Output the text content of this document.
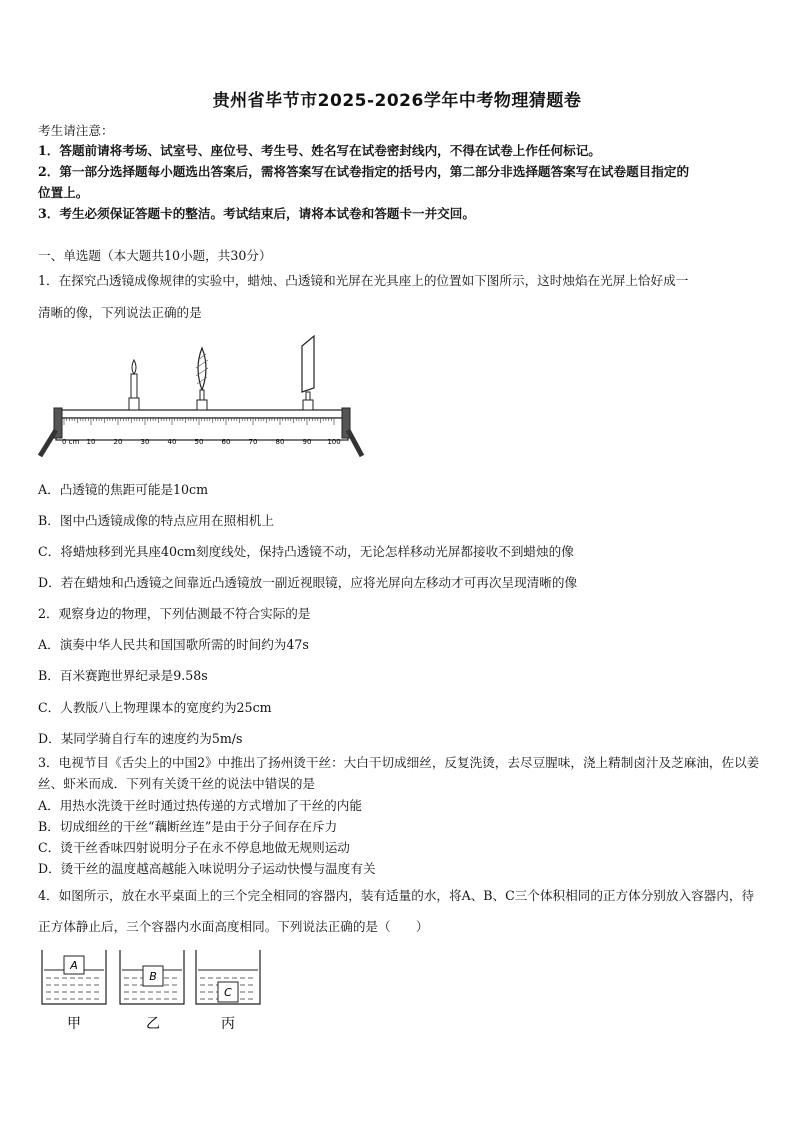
贵州省毕节市2025-2026学年中考物理猜题卷
考生请注意：
1．答题前请将考场、试室号、座位号、考生号、姓名写在试卷密封线内，不得在试卷上作任何标记。
2．第一部分选择题每小题选出答案后，需将答案写在试卷指定的括号内，第二部分非选择题答案写在试卷题目指定的
位置上。
3．考生必须保证答题卡的整洁。考试结束后，请将本试卷和答题卡一并交回。
一、单选题（本大题共10小题，共30分）
1．在探究凸透镜成像规律的实验中，蜡烛、凸透镜和光屏在光具座上的位置如下图所示，这时烛焰在光屏上恰好成一
清晰的像，下列说法正确的是
0 cm 10	20	30	40	50	60	70	80	90 100
A．凸透镜的焦距可能是10cm
B．图中凸透镜成像的特点应用在照相机上
C．将蜡烛移到光具座40cm刻度线处，保持凸透镜不动，无论怎样移动光屏都接收不到蜡烛的像
D．若在蜡烛和凸透镜之间靠近凸透镜放一副近视眼镜，应将光屏向左移动才可再次呈现清晰的像
2．观察身边的物理，下列估测最不符合实际的是
A．演奏中华人民共和国国歌所需的时间约为47s
B．百米赛跑世界纪录是9.58s
C．人教版八上物理课本的宽度约为25cm
D．某同学骑自行车的速度约为5m/s
3．电视节目《舌尖上的中国2》中推出了扬州烫干丝：大白干切成细丝，反复洗烫，去尽豆腥味，浇上精制卤汁及芝麻油，佐以姜丝、虾米而成．下列有关烫干丝的说法中错误的是
A．用热水洗烫干丝时通过热传递的方式增加了干丝的内能
B．切成细丝的干丝“藕断丝连”是由于分子间存在斥力
C．烫干丝香味四射说明分子在永不停息地做无规则运动
D．烫干丝的温度越高越能入味说明分子运动快慢与温度有关
4．如图所示，放在水平桌面上的三个完全相同的容器内，装有适量的水，将A、B、C三个体积相同的正方体分别放入容器内，待正方体静止后，三个容器内水面高度相同。下列说法正确的是（　　）
A
甲
B
乙
C
丙
